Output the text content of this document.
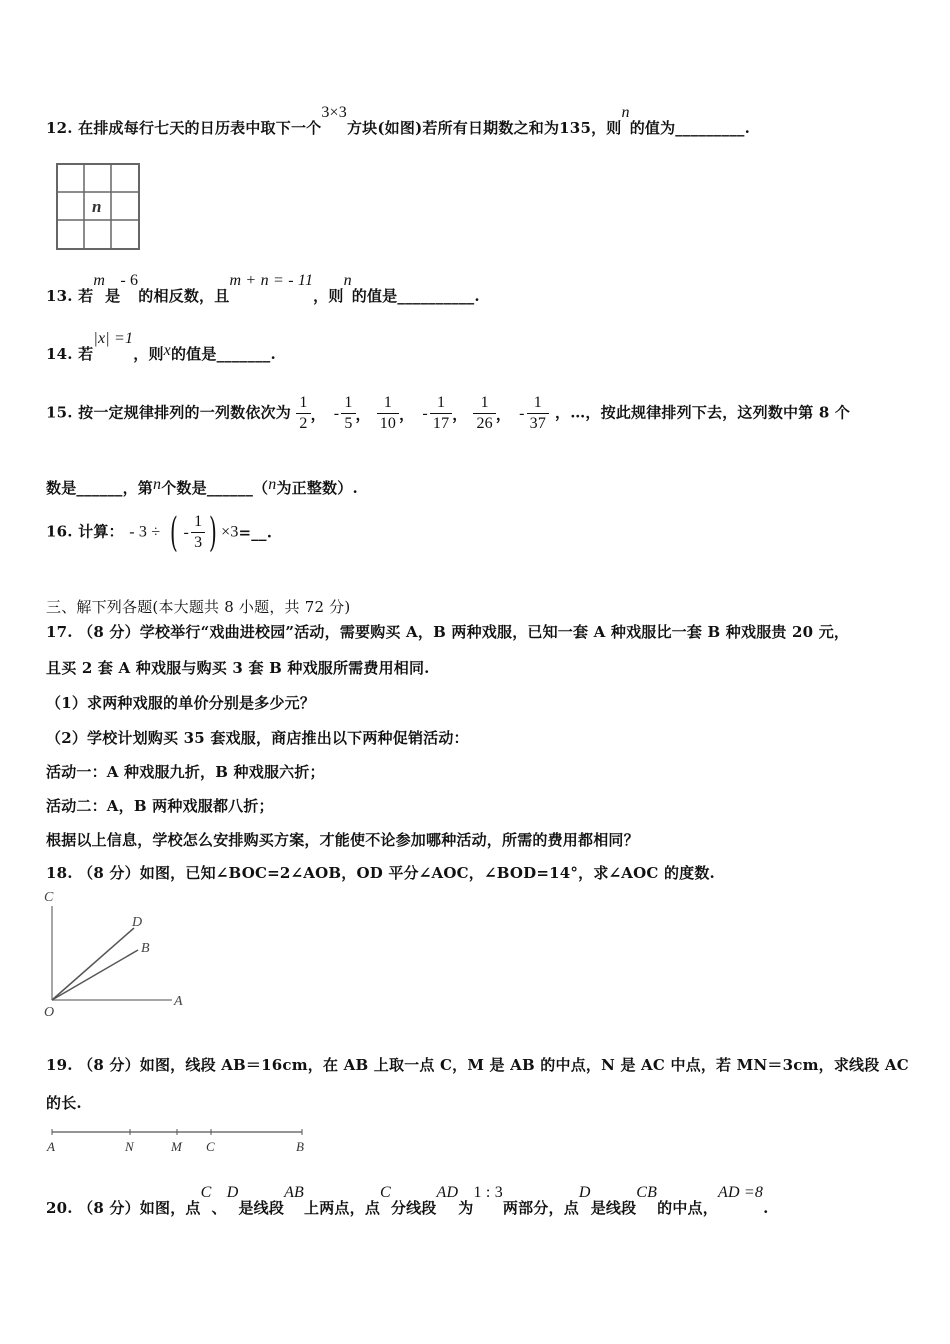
12. 在排成每行七天的日历表中取下一个3×3方块(如图)若所有日期数之和为135，则n的值为_________.
n
13. 若m是- 6的相反数，且m + n = - 11，则n的值是__________.
14. 若|x| =1，则x的值是_______.
15. 按一定规律排列的一列数依次为 $\frac{1}{2}$ ， - $\frac{1}{5}$ ， $\frac{1}{10}$ ， - $\frac{1}{17}$ ， $\frac{1}{26}$ ， - $\frac{1}{37}$ ，…，按此规律排列下去，这列数中第 8 个
数是______，第n个数是______（n为正整数）.
16. 计算： - 3 ÷ ( - $\frac{1}{3}$ ) ×3=__.
三、解下列各题(本大题共 8 小题，共 72 分)
17. （8 分）学校举行“戏曲进校园”活动，需要购买 A，B 两种戏服，已知一套 A 种戏服比一套 B 种戏服贵 20 元，
且买 2 套 A 种戏服与购买 3 套 B 种戏服所需费用相同.
（1）求两种戏服的单价分别是多少元？
（2）学校计划购买 35 套戏服，商店推出以下两种促销活动：
活动一：A 种戏服九折，B 种戏服六折；
活动二：A，B 两种戏服都八折；
根据以上信息，学校怎么安排购买方案，才能使不论参加哪种活动，所需的费用都相同？
18. （8 分）如图，已知∠BOC=2∠AOB，OD 平分∠AOC，∠BOD=14°，求∠AOC 的度数.
C
D
B
O
A
19. （8 分）如图，线段 AB＝16cm，在 AB 上取一点 C，M 是 AB 的中点，N 是 AC 中点，若 MN＝3cm，求线段 AC
的长.
A	N	M C	B
20. （8 分）如图，点C、D是线段AB上两点，点C分线段AD为1 : 3两部分，点D是线段CB的中点，AD =8.
